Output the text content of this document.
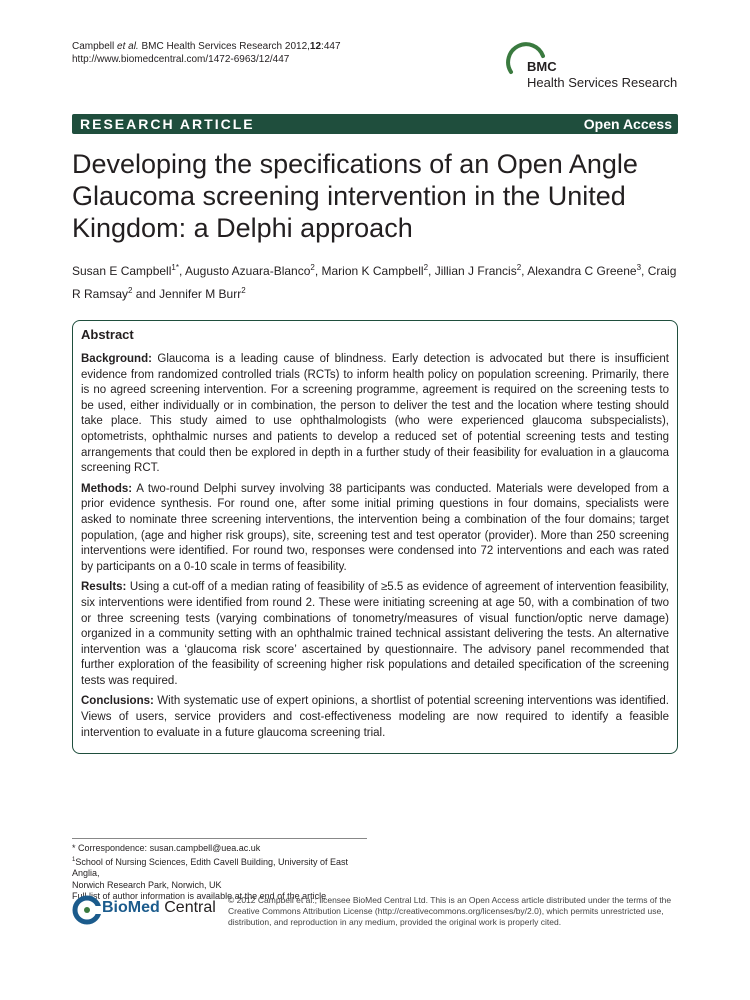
Campbell et al. BMC Health Services Research 2012,12:447
http://www.biomedcentral.com/1472-6963/12/447	BMC
Health Services Research
RESEARCH ARTICLE	Open Access
Developing the specifications of an Open Angle Glaucoma screening intervention in the United Kingdom: a Delphi approach
Susan E Campbell$^{1*}$, Augusto Azuara-Blanco$^2$, Marion K Campbell$^2$, Jillian J Francis$^2$, Alexandra C Greene$^3$, Craig R Ramsay$^2$ and Jennifer M Burr$^2$
Abstract

Background: Glaucoma is a leading cause of blindness. Early detection is advocated but there is insufficient evidence from randomized controlled trials (RCTs) to inform health policy on population screening. Primarily, there is no agreed screening intervention. For a screening programme, agreement is required on the screening tests to be used, either individually or in combination, the person to deliver the test and the location where testing should take place. This study aimed to use ophthalmologists (who were experienced glaucoma subspecialists), optometrists, ophthalmic nurses and patients to develop a reduced set of potential screening tests and testing arrangements that could then be explored in depth in a further study of their feasibility for evaluation in a glaucoma screening RCT.

Methods: A two-round Delphi survey involving 38 participants was conducted. Materials were developed from a prior evidence synthesis. For round one, after some initial priming questions in four domains, specialists were asked to nominate three screening interventions, the intervention being a combination of the four domains; target population, (age and higher risk groups), site, screening test and test operator (provider). More than 250 screening interventions were identified. For round two, responses were condensed into 72 interventions and each was rated by participants on a 0-10 scale in terms of feasibility.

Results: Using a cut-off of a median rating of feasibility of ≥5.5 as evidence of agreement of intervention feasibility, six interventions were identified from round 2. These were initiating screening at age 50, with a combination of two or three screening tests (varying combinations of tonometry/measures of visual function/optic nerve damage) organized in a community setting with an ophthalmic trained technical assistant delivering the tests. An alternative intervention was a ‘glaucoma risk score’ ascertained by questionnaire. The advisory panel recommended that further exploration of the feasibility of screening higher risk populations and detailed specification of the screening tests was required.

Conclusions: With systematic use of expert opinions, a shortlist of potential screening interventions was identified. Views of users, service providers and cost-effectiveness modeling are now required to identify a feasible intervention to evaluate in a future glaucoma screening trial.

* Correspondence: susan.campbell@uea.ac.uk
$^1$School of Nursing Sciences, Edith Cavell Building, University of East Anglia,
Norwich Research Park, Norwich, UK
Full list of author information is available at the end of the article
BioMed Central © 2012 Campbell et al.; licensee BioMed Central Ltd. This is an Open Access article distributed under the terms of the Creative Commons Attribution License (http://creativecommons.org/licenses/by/2.0), which permits unrestricted use, distribution, and reproduction in any medium, provided the original work is properly cited.
